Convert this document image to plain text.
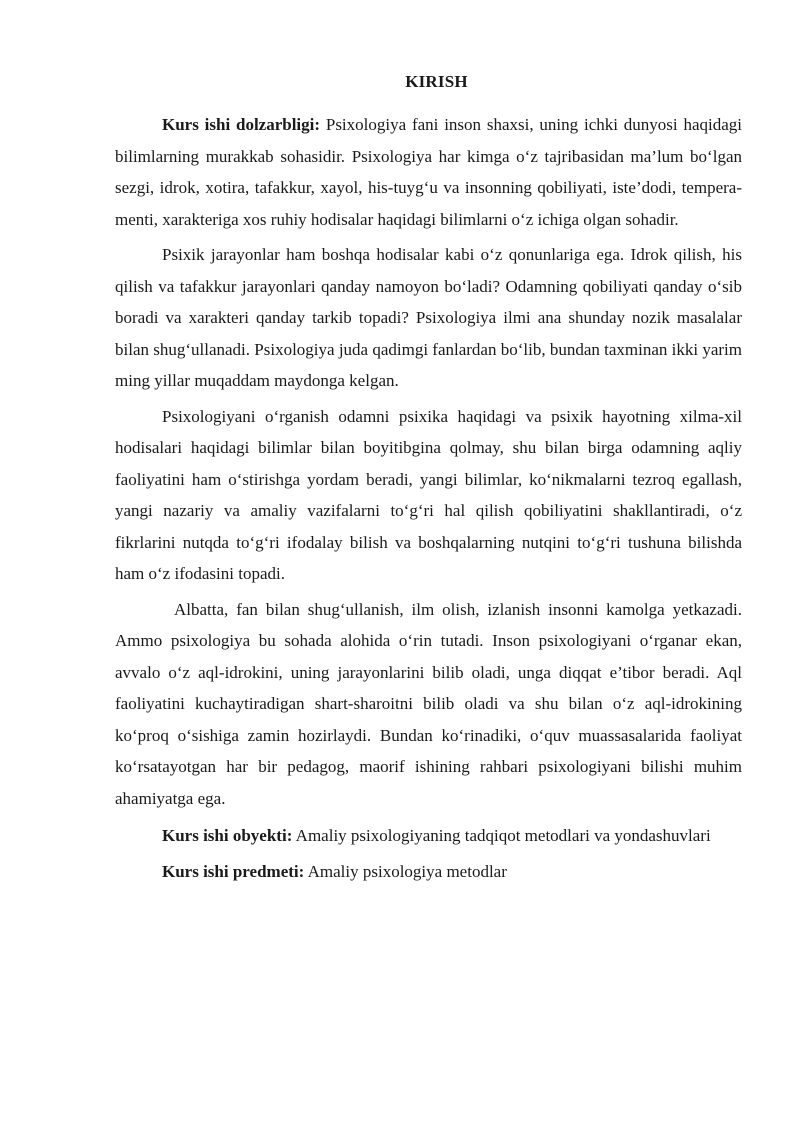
KIRISH

Kurs ishi dolzarbligi: Psixologiya fani inson shaxsi, uning ichki dunyosi haqidagi bilimlarning murakkab sohasidir. Psixologiya har kimga o‘z tajribasidan ma’lum bo‘lgan sezgi, idrok, xotira, tafakkur, xayol, his-tuyg‘u va insonning qobiliyati, iste’dodi, tempera- menti, xarakteriga xos ruhiy hodisalar haqidagi bilimlarni o‘z ichiga olgan sohadir.

Psixik jarayonlar ham boshqa hodisalar kabi o‘z qonunlariga ega. Idrok qilish, his qilish va tafakkur jarayonlari qanday namoyon bo‘ladi? Odamning qobiliyati qanday o‘sib boradi va xarakteri qanday tarkib topadi? Psixologiya ilmi ana shunday nozik masalalar bilan shug‘ullanadi. Psixologiya juda qadimgi fanlardan bo‘lib, bundan taxminan ikki yarim ming yillar muqaddam maydonga kelgan.

Psixologiyani o‘rganish odamni psixika haqidagi va psixik hayotning xilma-xil hodisalari haqidagi bilimlar bilan boyitibgina qolmay, shu bilan birga odamning aqliy faoliyatini ham o‘stirishga yordam beradi, yangi bilimlar, ko‘nikmalarni tezroq egallash, yangi nazariy va amaliy vazifalarni to‘g‘ri hal qilish qobiliyatini shakllantiradi, o‘z fikrlarini nutqda to‘g‘ri ifodalay bilish va boshqalarning nutqini to‘g‘ri tushuna bilishda ham o‘z ifodasini topadi.

Albatta, fan bilan shug‘ullanish, ilm olish, izlanish insonni kamolga yetkazadi. Ammo psixologiya bu sohada alohida o‘rin tutadi. Inson psixologiyani o‘rganar ekan, avvalo o‘z aql-idrokini, uning jarayonlarini bilib oladi, unga diqqat e’tibor beradi. Aql faoliyatini kuchaytiradigan shart-sharoitni bilib oladi va shu bilan o‘z aql-idrokining ko‘proq o‘sishiga zamin hozirlaydi. Bundan ko‘rinadiki, o‘quv muassasalarida faoliyat ko‘rsatayotgan har bir pedagog, maorif ishining rahbari psixologiyani bilishi muhim ahamiyatga ega.

Kurs ishi obyekti: Amaliy psixologiyaning tadqiqot metodlari va yondashuvlari

Kurs ishi predmeti: Amaliy psixologiya metodlar
